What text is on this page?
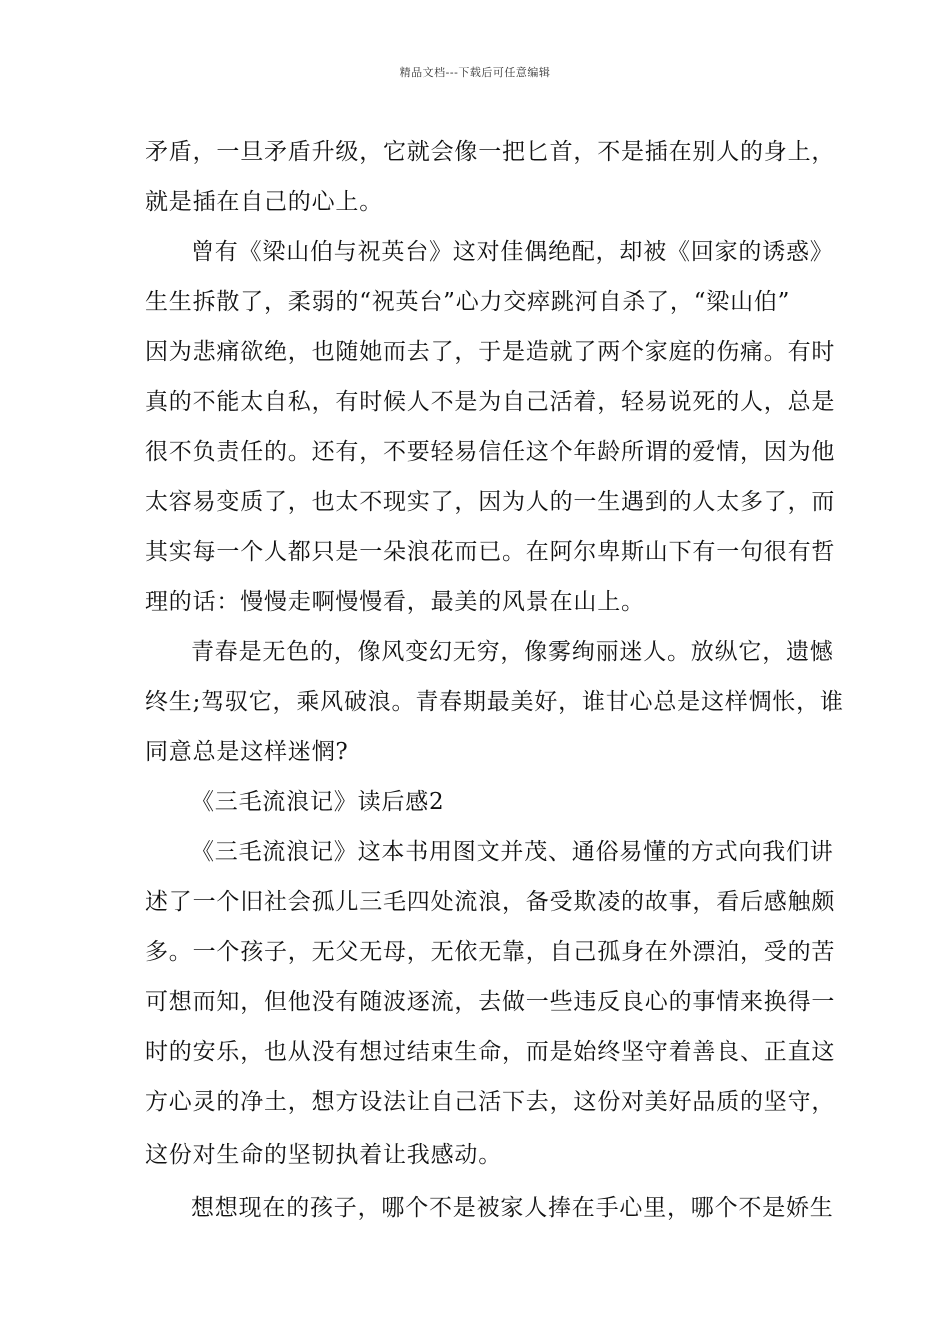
精品文档---下载后可任意编辑
矛盾，一旦矛盾升级，它就会像一把匕首，不是插在别人的身上，
就是插在自己的心上。
曾有《梁山伯与祝英台》这对佳偶绝配，却被《回家的诱惑》
生生拆散了，柔弱的“祝英台”心力交瘁跳河自杀了，“梁山伯”
因为悲痛欲绝，也随她而去了，于是造就了两个家庭的伤痛。有时
真的不能太自私，有时候人不是为自己活着，轻易说死的人，总是
很不负责任的。还有，不要轻易信任这个年龄所谓的爱情，因为他
太容易变质了，也太不现实了，因为人的一生遇到的人太多了，而
其实每一个人都只是一朵浪花而已。在阿尔卑斯山下有一句很有哲
理的话：慢慢走啊慢慢看，最美的风景在山上。
青春是无色的，像风变幻无穷，像雾绚丽迷人。放纵它，遗憾
终生;驾驭它，乘风破浪。青春期最美好，谁甘心总是这样惆怅，谁
同意总是这样迷惘?
《三毛流浪记》读后感2
《三毛流浪记》这本书用图文并茂、通俗易懂的方式向我们讲
述了一个旧社会孤儿三毛四处流浪，备受欺凌的故事，看后感触颇
多。一个孩子，无父无母，无依无靠，自己孤身在外漂泊，受的苦
可想而知，但他没有随波逐流，去做一些违反良心的事情来换得一
时的安乐，也从没有想过结束生命，而是始终坚守着善良、正直这
方心灵的净土，想方设法让自己活下去，这份对美好品质的坚守，
这份对生命的坚韧执着让我感动。
想想现在的孩子，哪个不是被家人捧在手心里，哪个不是娇生
